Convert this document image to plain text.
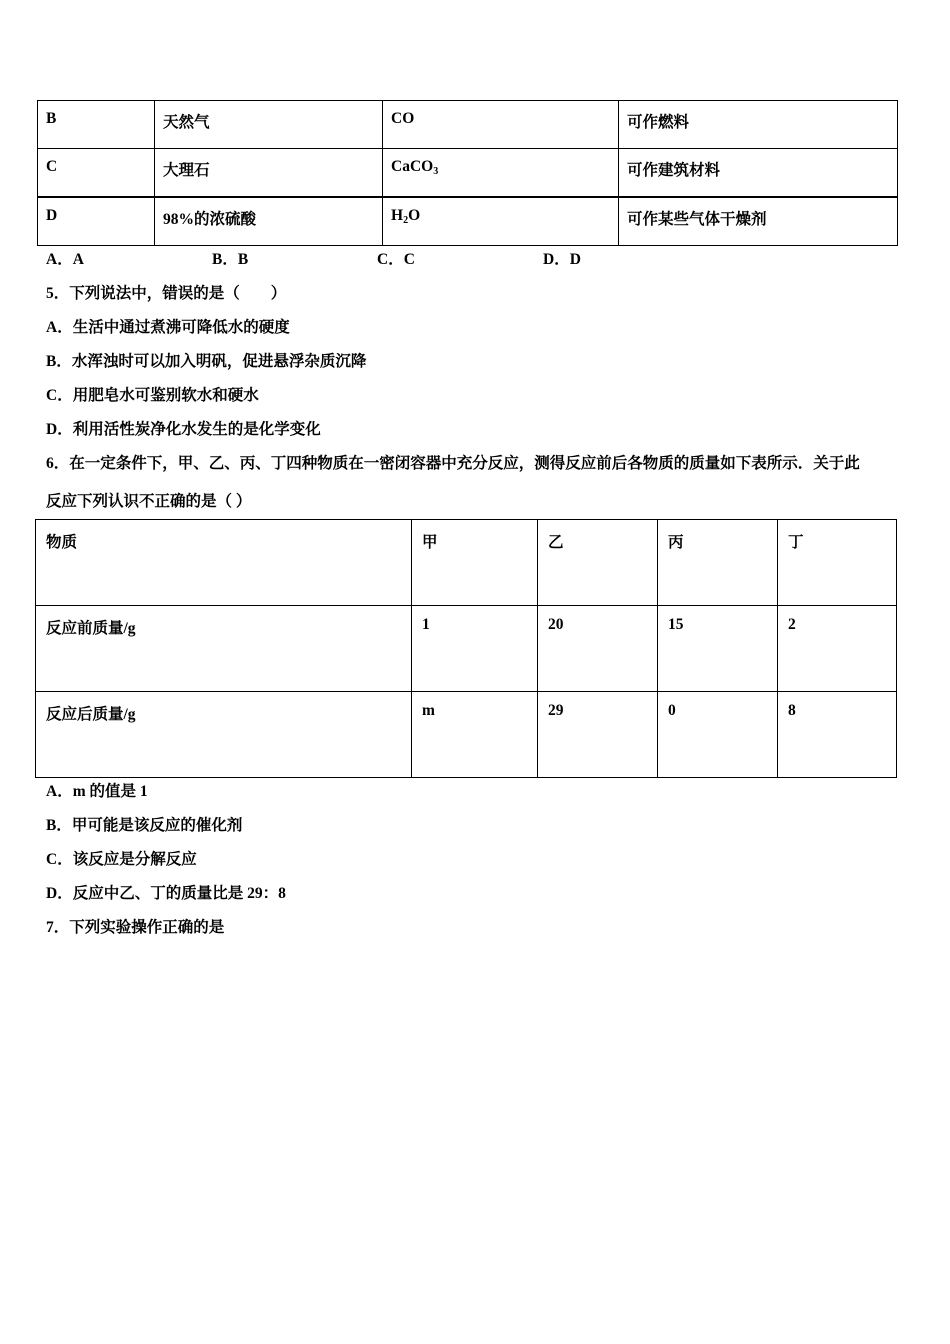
B	天然气	CO	可作燃料
C	大理石	CaCO3	可作建筑材料
D	98%的浓硫酸	H2O	可作某些气体干燥剂
A．A	B．B	C．C	D．D
5．下列说法中，错误的是（　　）
A．生活中通过煮沸可降低水的硬度
B．水浑浊时可以加入明矾，促进悬浮杂质沉降
C．用肥皂水可鉴别软水和硬水
D．利用活性炭净化水发生的是化学变化
6．在一定条件下，甲、乙、丙、丁四种物质在一密闭容器中充分反应，测得反应前后各物质的质量如下表所示．关于此
反应下列认识不正确的是（ ）
物质	甲	乙	丙	丁
反应前质量/g	1	20	15	2
反应后质量/g	m	29	0	8
A．m 的值是 1
B．甲可能是该反应的催化剂
C．该反应是分解反应
D．反应中乙、丁的质量比是 29：8
7．下列实验操作正确的是
